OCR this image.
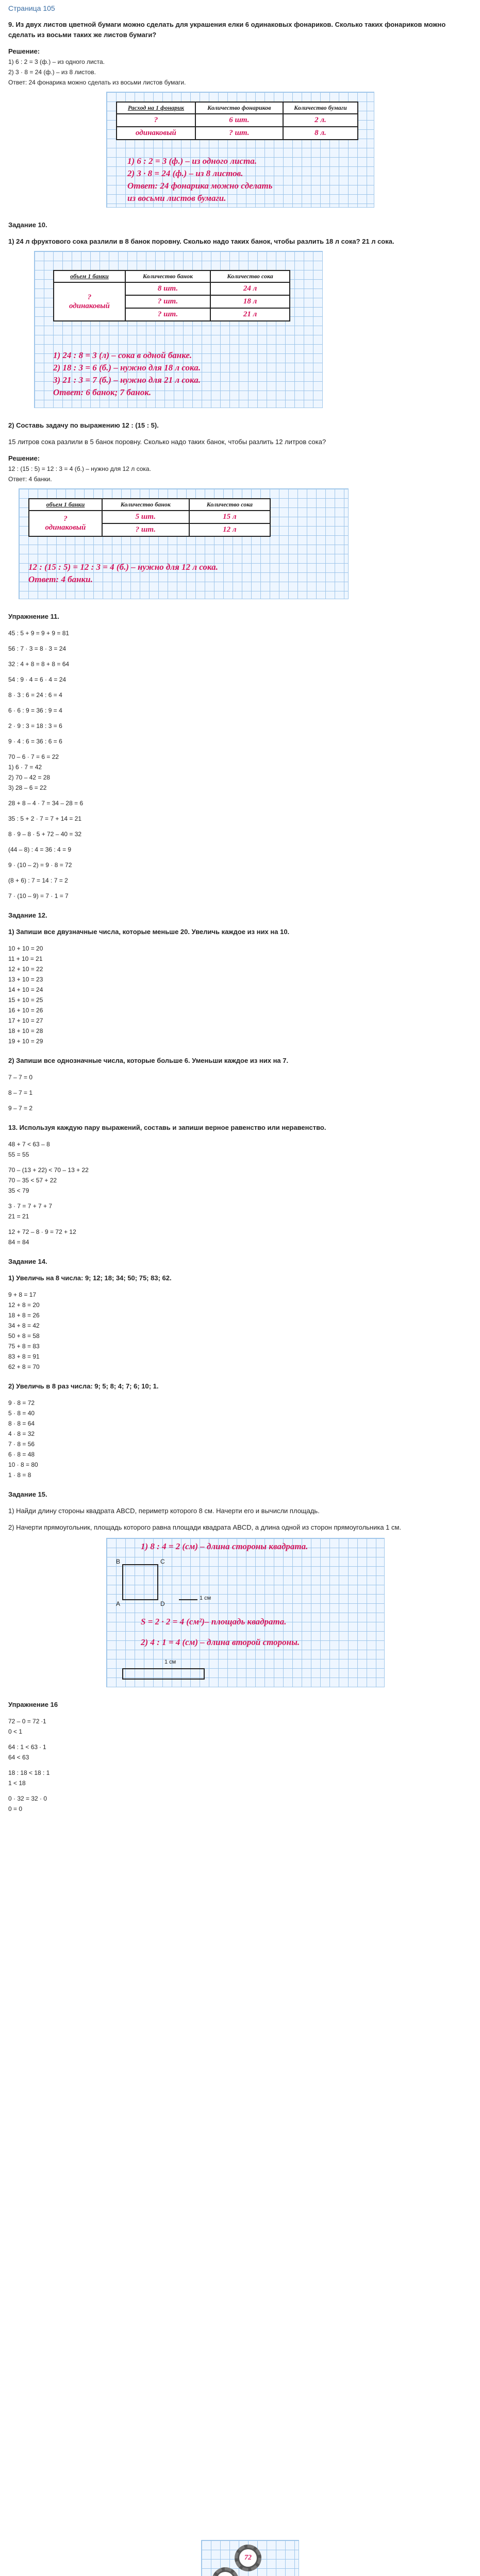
Страница 105

9. Из двух листов цветной бумаги можно сделать для украшения елки 6 одинаковых фонариков. Сколько таких фонариков можно сделать из восьми таких же листов бумаги?

Решение:

1) 6 : 2 = 3 (ф.) – из одного листа.

2) 3 · 8 = 24 (ф.) – из 8 листов.

Ответ: 24 фонарика можно сделать из восьми листов бумаги.

Расход на 1 фонарик	Количество фонариков	Количество бумаги
?	6 шт.	2 л.
одинаковый	? шт.	8 л.
1) 6 : 2 = 3 (ф.) – из одного листа.
2) 3 · 8 = 24 (ф.) – из 8 листов.
Ответ: 24 фонарика можно сделать
из восьми листов бумаги.

Задание 10.

1) 24 л фруктового сока разлили в 8 банок поровну. Сколько надо таких банок, чтобы разлить 18 л сока? 21 л сока.

объем 1 банки	Количество банок	Количество сока
?
одинаковый	8 шт.	24 л
	? шт.	18 л
	? шт.	21 л
1) 24 : 8 = 3 (л) – сока в одной банке.
2) 18 : 3 = 6 (б.) – нужно для 18 л сока.
3) 21 : 3 = 7 (б.) – нужно для 21 л сока.
Ответ: 6 банок; 7 банок.

2) Составь задачу по выражению 12 : (15 : 5).

15 литров сока разлили в 5 банок поровну. Сколько надо таких банок, чтобы разлить 12 литров сока?

Решение:

12 : (15 : 5) = 12 : 3 = 4 (б.) – нужно для 12 л сока.

Ответ: 4 банки.

объем 1 банки	Количество банок	Количество сока
?
одинаковый	5 шт.	15 л
	? шт.	12 л
12 : (15 : 5) = 12 : 3 = 4 (б.) – нужно для 12 л сока.
Ответ: 4 банки.

Упражнение 11.

45 : 5 + 9 = 9 + 9 = 81

56 : 7 · 3 = 8 · 3 = 24

32 : 4 + 8 = 8 + 8 = 64

54 : 9 · 4 = 6 · 4 = 24

8 · 3 : 6 = 24 : 6 = 4

6 · 6 : 9 = 36 : 9 = 4

2 · 9 : 3 = 18 : 3 = 6

9 · 4 : 6 = 36 : 6 = 6

70 – 6 · 7 = 6 = 22

1) 6 · 7 = 42

2) 70 – 42 = 28

3) 28 – 6 = 22

28 + 8 – 4 · 7 = 34 – 28 = 6

35 : 5 + 2 · 7 = 7 + 14 = 21

8 · 9 – 8 · 5 + 72 – 40 = 32

(44 – 8) : 4 = 36 : 4 = 9

9 · (10 – 2) = 9 · 8 = 72

(8 + 6) : 7 = 14 : 7 = 2

7 · (10 – 9) = 7 · 1 = 7

Задание 12.

1) Запиши все двузначные числа, которые меньше 20. Увеличь каждое из них на 10.

10 + 10 = 20

11 + 10 = 21

12 + 10 = 22

13 + 10 = 23

14 + 10 = 24

15 + 10 = 25

16 + 10 = 26

17 + 10 = 27

18 + 10 = 28

19 + 10 = 29

2) Запиши все однозначные числа, которые больше 6. Уменьши каждое из них на 7.

7 – 7 = 0

8 – 7 = 1

9 – 7 = 2

13. Используя каждую пару выражений, составь и запиши верное равенство или неравенство.

48 + 7 < 63 – 8

55 = 55

70 – (13 + 22) < 70 – 13 + 22

70 – 35 < 57 + 22

35 < 79

3 · 7 = 7 + 7 + 7

21 = 21

12 + 72 – 8 · 9 = 72 + 12

84 = 84

Задание 14.

1) Увеличь на 8 числа: 9; 12; 18; 34; 50; 75; 83; 62.

9 + 8 = 17

12 + 8 = 20

18 + 8 = 26

34 + 8 = 42

50 + 8 = 58

75 + 8 = 83

83 + 8 = 91

62 + 8 = 70

2) Увеличь в 8 раз числа: 9; 5; 8; 4; 7; 6; 10; 1.

9 · 8 = 72

5 · 8 = 40

8 · 8 = 64

4 · 8 = 32

7 · 8 = 56

6 · 8 = 48

10 · 8 = 80

1 · 8 = 8

Задание 15.

1) Найди длину стороны квадрата ABCD, периметр которого 8 см. Начерти его и вычисли площадь.

2) Начерти прямоугольник, площадь которого равна площади квадрата ABCD, а длина одной из сторон прямоугольника 1 см.

1) 8 : 4 = 2 (см) – длина стороны квадрата.
B	C
A	D
1 см
S = 2 · 2 = 4 (см²)– площадь квадрата.
2) 4 : 1 = 4 (см) – длина второй стороны.
1 см

Упражнение 16

72 – 0 = 72 ∙1

0 < 1

64 : 1 < 63 ∙ 1

64 < 63

18 : 18 < 18 : 1

1 < 18

0 · 32 = 32 · 0

0 = 0

72
